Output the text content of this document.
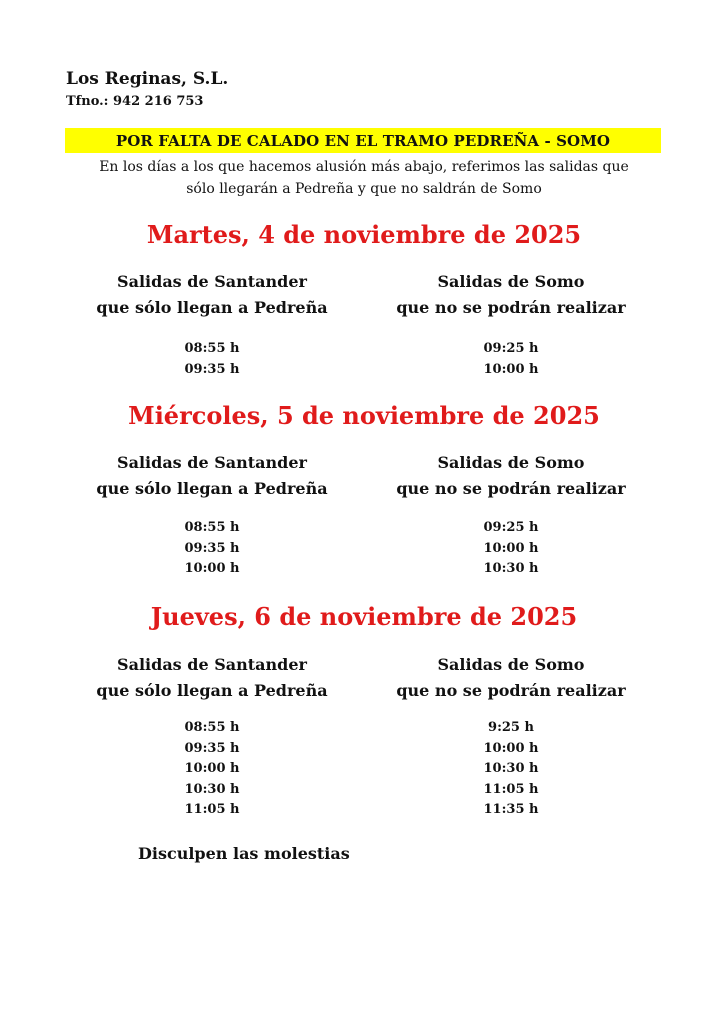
Los Reginas, S.L.
Tfno.: 942 216 753
POR FALTA DE CALADO EN EL TRAMO PEDREÑA - SOMO
En los días a los que hacemos alusión más abajo, referimos las salidas que
sólo llegarán a Pedreña y que no saldrán de Somo
Martes, 4 de noviembre de 2025
Salidas de Santander
que sólo llegan a Pedreña
Salidas de Somo
que no se podrán realizar
08:55 h
09:35 h
09:25 h
10:00 h
Miércoles, 5 de noviembre de 2025
Salidas de Santander
que sólo llegan a Pedreña
Salidas de Somo
que no se podrán realizar
08:55 h
09:35 h
10:00 h
09:25 h
10:00 h
10:30 h
Jueves, 6 de noviembre de 2025
Salidas de Santander
que sólo llegan a Pedreña
Salidas de Somo
que no se podrán realizar
08:55 h
09:35 h
10:00 h
10:30 h
11:05 h
9:25 h
10:00 h
10:30 h
11:05 h
11:35 h
Disculpen las molestias
